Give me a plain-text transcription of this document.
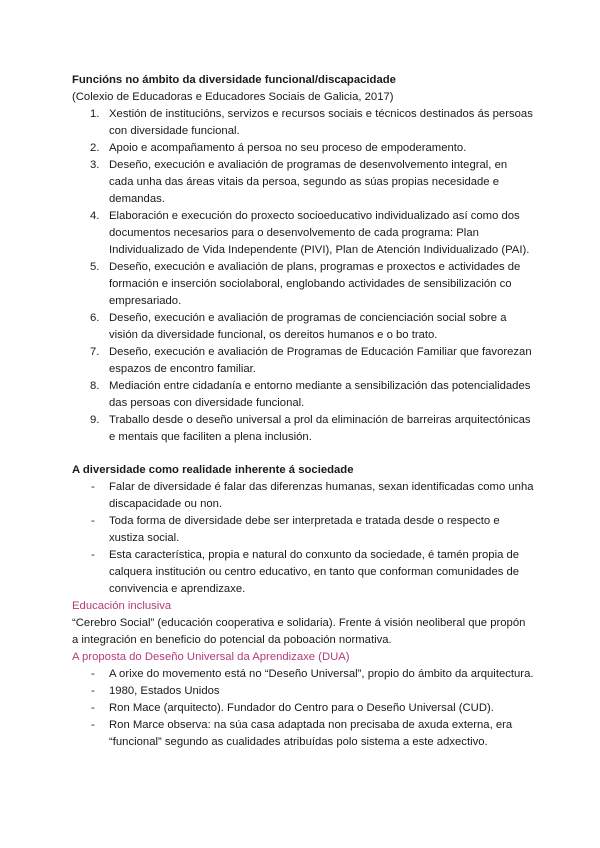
Funcións no ámbito da diversidade funcional/discapacidade

(Colexio de Educadoras e Educadores Sociais de Galicia, 2017)

1. Xestión de institucións, servizos e recursos sociais e técnicos destinados ás persoas con diversidade funcional.
2. Apoio e acompañamento á persoa no seu proceso de empoderamento.
3. Deseño, execución e avaliación de programas de desenvolvemento integral, en cada unha das áreas vitais da persoa, segundo as súas propias necesidade e demandas.
4. Elaboración e execución do proxecto socioeducativo individualizado así como dos documentos necesarios para o desenvolvemento de cada programa: Plan Individualizado de Vida Independente (PIVI), Plan de Atención Individualizado (PAI).
5. Deseño, execución e avaliación de plans, programas e proxectos e actividades de formación e inserción sociolaboral, englobando actividades de sensibilización co empresariado.
6. Deseño, execución e avaliación de programas de concienciación social sobre a visión da diversidade funcional, os dereitos humanos e o bo trato.
7. Deseño, execución e avaliación de Programas de Educación Familiar que favorezan espazos de encontro familiar.
8. Mediación entre cidadanía e entorno mediante a sensibilización das potencialidades das persoas con diversidade funcional.
9. Traballo desde o deseño universal a prol da eliminación de barreiras arquitectónicas e mentais que faciliten a plena inclusión.

A diversidade como realidade inherente á sociedade

- Falar de diversidade é falar das diferenzas humanas, sexan identificadas como unha discapacidade ou non.
- Toda forma de diversidade debe ser interpretada e tratada desde o respecto e xustiza social.
- Esta característica, propia e natural do conxunto da sociedade, é tamén propia de calquera institución ou centro educativo, en tanto que conforman comunidades de convivencia e aprendizaxe.

Educación inclusiva

“Cerebro Social” (educación cooperativa e solidaria). Frente á visión neoliberal que propón a integración en beneficio do potencial da poboación normativa.

A proposta do Deseño Universal da Aprendizaxe (DUA)

- A orixe do movemento está no “Deseño Universal”, propio do ámbito da arquitectura.
- 1980, Estados Unidos
- Ron Mace (arquitecto). Fundador do Centro para o Deseño Universal (CUD).
- Ron Marce observa: na súa casa adaptada non precisaba de axuda externa, era “funcional” segundo as cualidades atribuídas polo sistema a este adxectivo.
